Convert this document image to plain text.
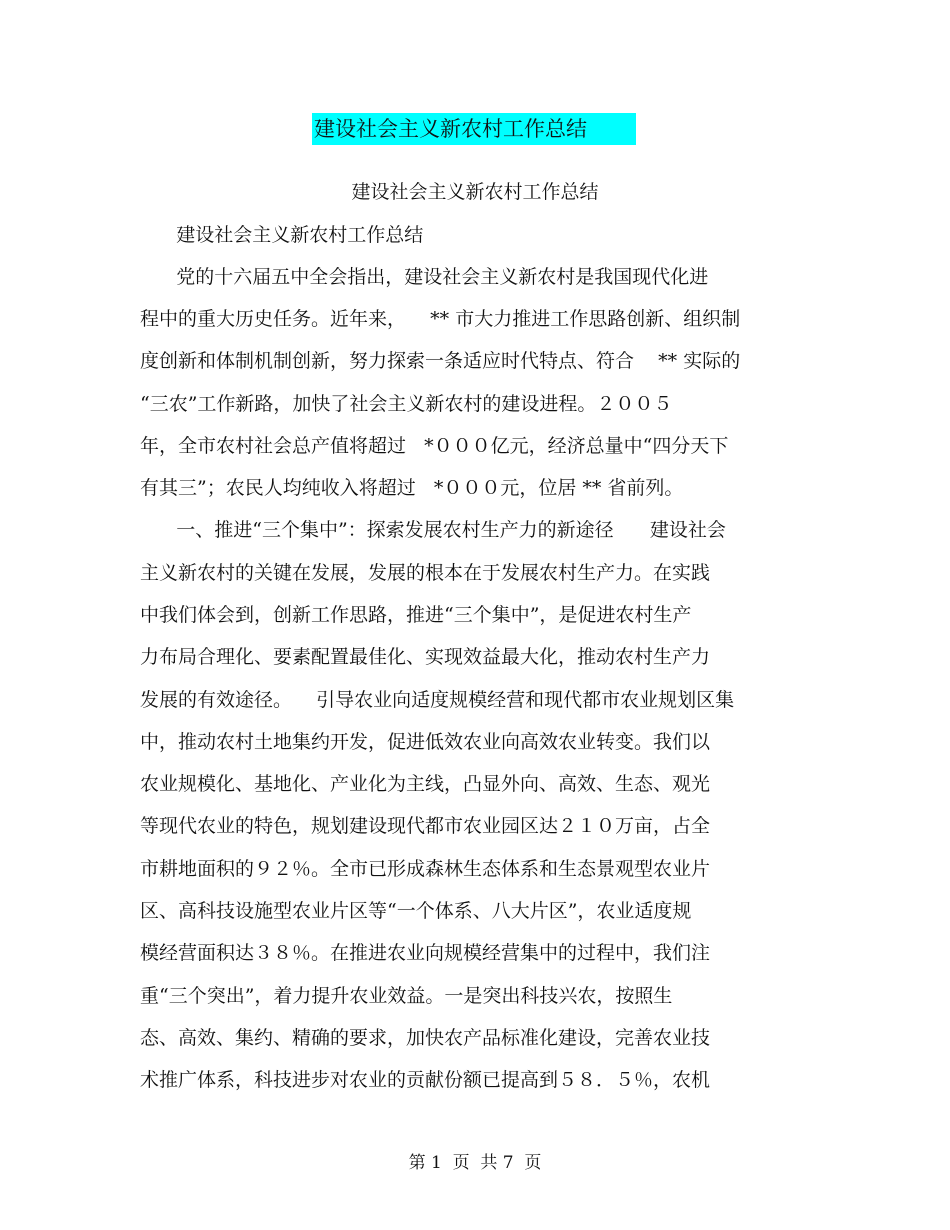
建设社会主义新农村工作总结
建设社会主义新农村工作总结
建设社会主义新农村工作总结
党的十六届五中全会指出，建设社会主义新农村是我国现代化进
程中的重大历史任务。近年来，    ** 市大力推进工作思路创新、组织制
度创新和体制机制创新，努力探索一条适应时代特点、符合    ** 实际的
“三农”工作新路，加快了社会主义新农村的建设进程。２００５
年，全市农村社会总产值将超过   *０００亿元，经济总量中“四分天下
有其三”；农民人均纯收入将超过   *０００元，位居 ** 省前列。
一、推进“三个集中”：探索发展农村生产力的新途径      建设社会
主义新农村的关键在发展，发展的根本在于发展农村生产力。在实践
中我们体会到，创新工作思路，推进“三个集中”，是促进农村生产
力布局合理化、要素配置最佳化、实现效益最大化，推动农村生产力
发展的有效途径。    引导农业向适度规模经营和现代都市农业规划区集
中，推动农村土地集约开发，促进低效农业向高效农业转变。我们以
农业规模化、基地化、产业化为主线，凸显外向、高效、生态、观光
等现代农业的特色，规划建设现代都市农业园区达２１０万亩，占全
市耕地面积的９２％。全市已形成森林生态体系和生态景观型农业片
区、高科技设施型农业片区等“一个体系、八大片区”，农业适度规
模经营面积达３８％。在推进农业向规模经营集中的过程中，我们注
重“三个突出”，着力提升农业效益。一是突出科技兴农，按照生
态、高效、集约、精确的要求，加快农产品标准化建设，完善农业技
术推广体系，科技进步对农业的贡献份额已提高到５８．５％，农机
第 1  页  共 7  页
